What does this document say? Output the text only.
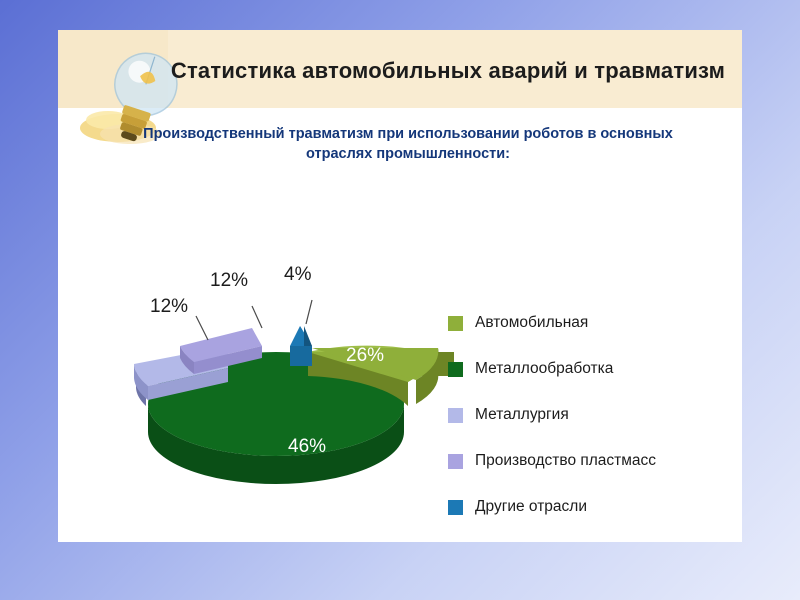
Статистика автомобильных аварий и травматизм
Производственный травматизм при использовании роботов в основных отраслях промышленности:
12%
12% 4%
26%
46%
Автомобильная
Металлообработка
Металлургия
Производство пластмасс
Другие отрасли
